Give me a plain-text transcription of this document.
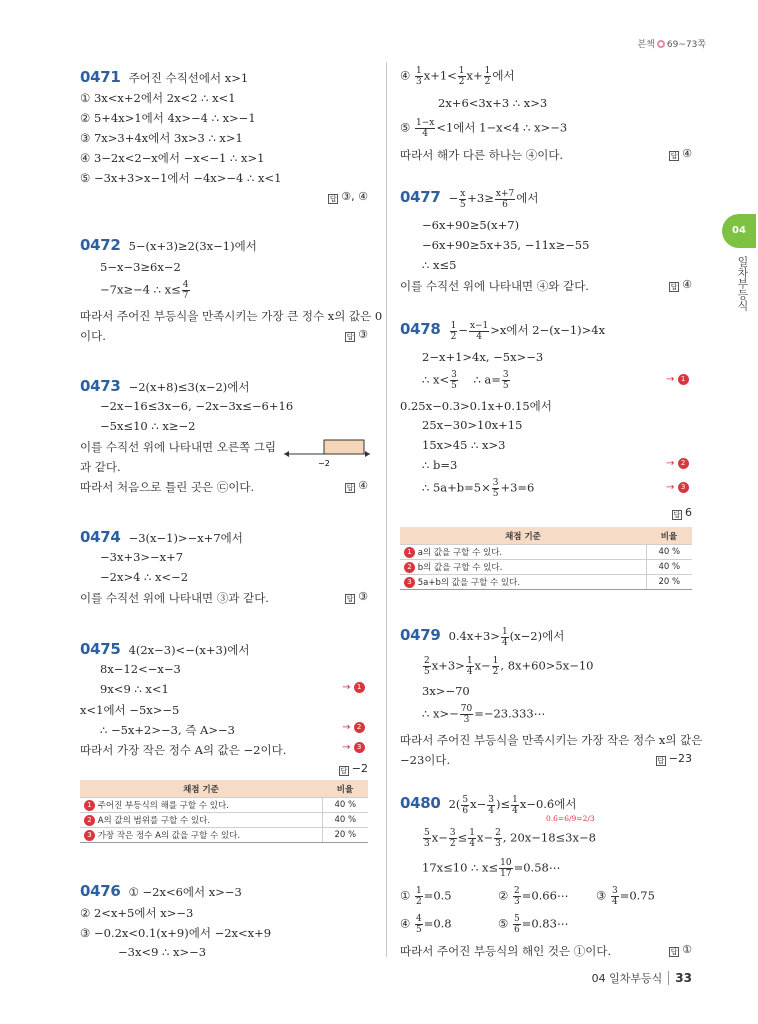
본책 69~73쪽
04
일차부등식
0471 주어진 수직선에서 x>1
① 3x<x+2에서 2x<2 ∴ x<1
② 5+4x>1에서 4x>−4 ∴ x>−1
③ 7x>3+4x에서 3x>3 ∴ x>1
④ 3−2x<2−x에서 −x<−1 ∴ x>1
⑤ −3x+3>x−1에서 −4x>−4 ∴ x<1
답 ③, ④
0472 5−(x+3)≥2(3x−1)에서
5−x−3≥6x−2
−7x≥−4 ∴ $x\le \frac{4}{7}$
따라서 주어진 부등식을 만족시키는 가장 큰 정수 x의 값은 0
이다.	답 ③
0473 −2(x+8)≤3(x−2)에서
−2x−16≤3x−6, −2x−3x≤−6+16
−5x≤10 ∴ x≥−2
이를 수직선 위에 나타내면 오른쪽 그림
과 같다.
따라서 처음으로 틀린 곳은 ㉢이다.
−2
답 ④
0474 −3(x−1)>−x+7에서
−3x+3>−x+7
−2x>4 ∴ x<−2
이를 수직선 위에 나타내면 ③과 같다.	답 ③
0475 4(2x−3)<−(x+3)에서
8x−12<−x−3
9x<9 ∴ x<1	→ 1
x<1에서 −5x>−5
∴ −5x+2>−3, 즉 A>−3	→ 2
따라서 가장 작은 정수 A의 값은 −2이다.	→ 3
답 −2
채점 기준	비율
1 주어진 부등식의 해를 구할 수 있다.	40 %
2 A의 값의 범위를 구할 수 있다.	40 %
3 가장 작은 정수 A의 값을 구할 수 있다.	20 %
0476 ① −2x<6에서 x>−3
② 2<x+5에서 x>−3
③ −0.2x<0.1(x+9)에서 −2x<x+9
−3x<9 ∴ x>−3
④ $\frac{1}{3} x+1< \frac{1}{2} x+ \frac{1}{2}$ 에서
2x+6<3x+3 ∴ x>3
⑤ $\frac{1-x}{4} <1$에서 1−x<4 ∴ x>−3
따라서 해가 다른 하나는 ④이다.	답 ④
$0477 - \frac{x}{5} +3\ge \frac{x+7}{6}$ 에서
−6x+90≥5(x+7)
−6x+90≥5x+35, −11x≥−55
∴ x≤5
이를 수직선 위에 나타내면 ④와 같다.	답 ④
$0478 \frac{1}{2} - \frac{x-1}{4} >x$에서 2−(x−1)>4x
2−x+1>4x, −5x>−3
∴ $x< \frac{3}{5}$ ∴ $a= \frac{3}{5}$	→ 1
0.25x−0.3>0.1x+0.15에서
25x−30>10x+15
15x>45 ∴ x>3
∴ b=3	→ 2
∴ $5a+b=5\times \frac{3}{5} +3=6$	→ 3
답 6
채점 기준	비율
1 a의 값을 구할 수 있다.	40 %
2 b의 값을 구할 수 있다.	40 %
3 5a+b의 값을 구할 수 있다.	20 %
0479 $0.4x+3> \frac{1}{4} (x-2)$에서
$\frac{2}{5} x+3> \frac{1}{4} x- \frac{1}{2}$ , 8x+60>5x−10
3x>−70
∴ $x>- \frac{70}{3}$ =−23.333⋯
따라서 주어진 부등식을 만족시키는 가장 작은 정수 x의 값은
−23이다.	답 −23
0480 $2( \frac{5}{6} x- \frac{3}{4}$ )≤ $\frac{1}{4}$ x−0.6̇에서
0.6̇=6/9=2/3
$\frac{5}{3} x- \frac{3}{2} \le \frac{1}{4} x- \frac{2}{3}$ , 20x−18≤3x−8
17x≤10 ∴ $x\le \frac{10}{17}$ =0.58⋯
① $\frac{1}{2} =0.5$	② $\frac{2}{3}$ =0.66⋯ ③ $\frac{3}{4} =0.75$
④ $\frac{4}{5} =0.8$	⑤ $\frac{5}{6}$ =0.83⋯
따라서 주어진 부등식의 해인 것은 ①이다.	답 ①
04 일차부등식 33
